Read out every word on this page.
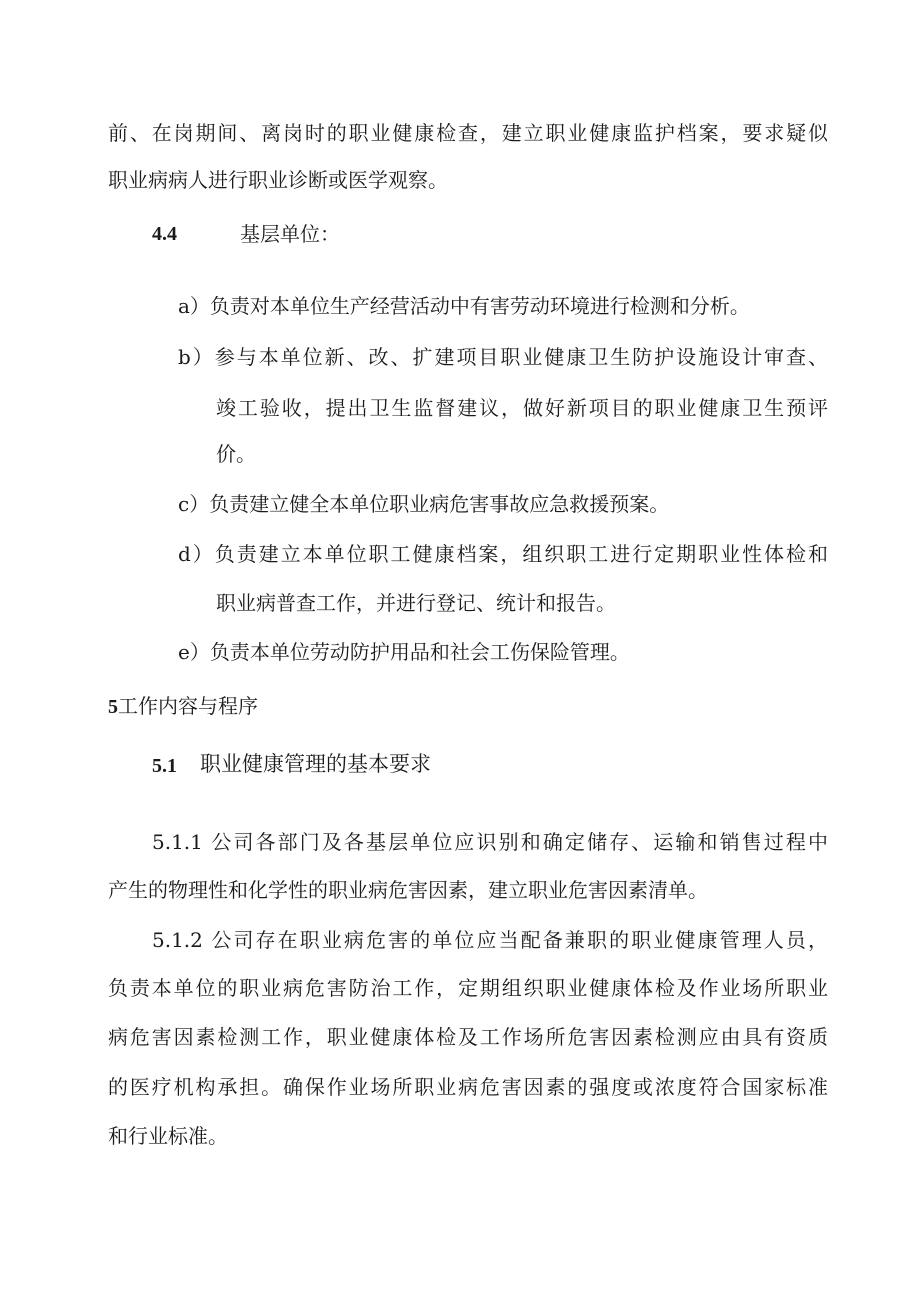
前、在岗期间、离岗时的职业健康检查，建立职业健康监护档案，要求疑似
职业病病人进行职业诊断或医学观察。
4.4	基层单位：
a）负责对本单位生产经营活动中有害劳动环境进行检测和分析。
b）参与本单位新、改、扩建项目职业健康卫生防护设施设计审查、
竣工验收，提出卫生监督建议，做好新项目的职业健康卫生预评
价。
c）负责建立健全本单位职业病危害事故应急救援预案。
d）负责建立本单位职工健康档案，组织职工进行定期职业性体检和
职业病普查工作，并进行登记、统计和报告。
e）负责本单位劳动防护用品和社会工伤保险管理。
5工作内容与程序
5.1 职业健康管理的基本要求
5.1.1 公司各部门及各基层单位应识别和确定储存、运输和销售过程中
产生的物理性和化学性的职业病危害因素，建立职业危害因素清单。
5.1.2 公司存在职业病危害的单位应当配备兼职的职业健康管理人员，
负责本单位的职业病危害防治工作，定期组织职业健康体检及作业场所职业
病危害因素检测工作，职业健康体检及工作场所危害因素检测应由具有资质
的医疗机构承担。确保作业场所职业病危害因素的强度或浓度符合国家标准
和行业标准。
